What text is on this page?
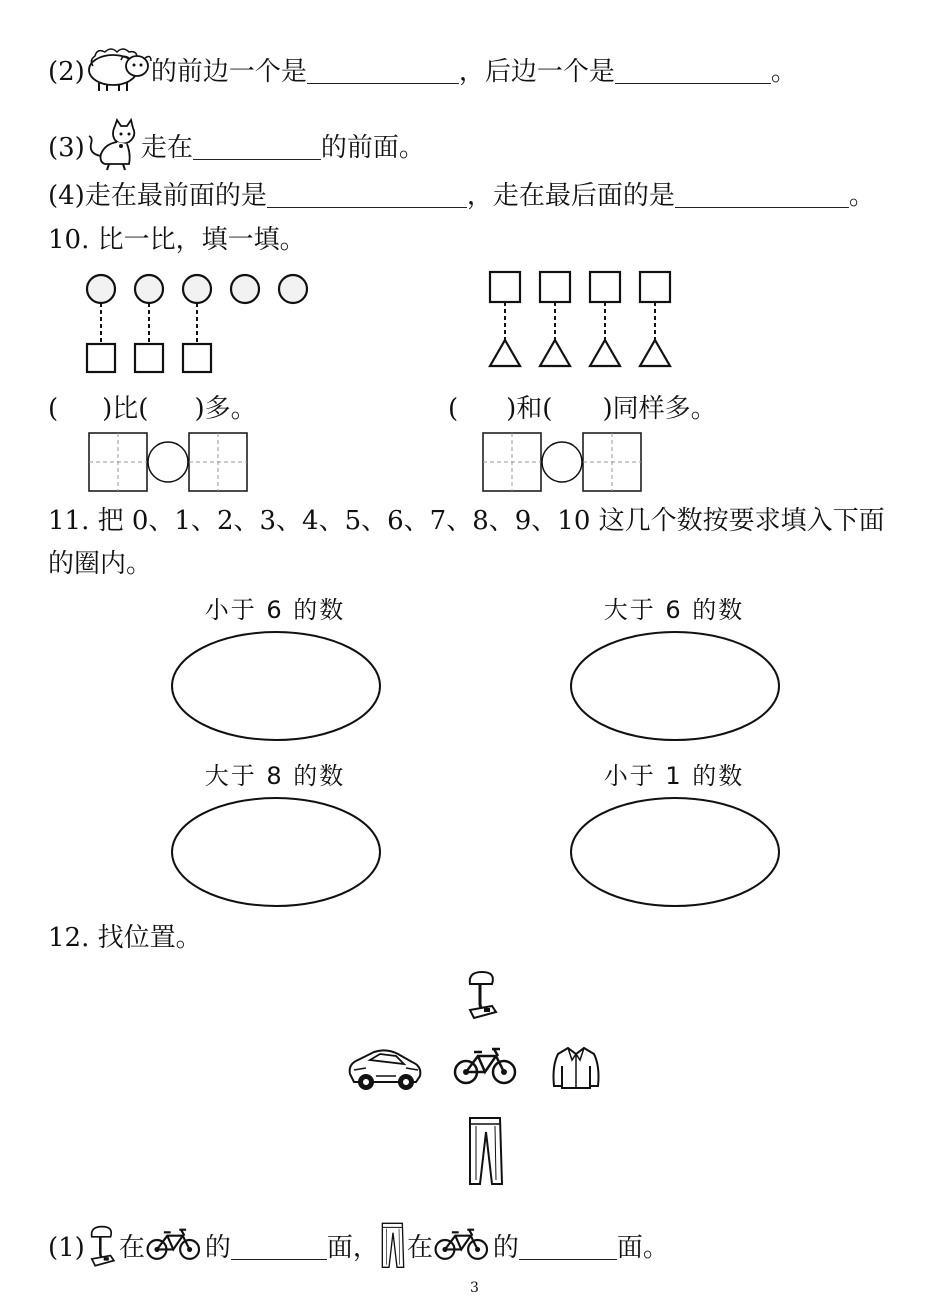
(2)	的前边一个是	，后边一个是	。
(3) 走在	的前面。
(4)走在最前面的是	，走在最后面的是	。
10. 比一比，填一填。
( )比( )多。	( )和( )同样多。
11. 把 0、1、2、3、4、5、6、7、8、9、10 这几个数按要求填入下面
的圈内。
小于 6 的数	大于 6 的数
大于 8 的数	小于 1 的数
12. 找位置。
(1) 在 的	面， 在 的	面。
3
